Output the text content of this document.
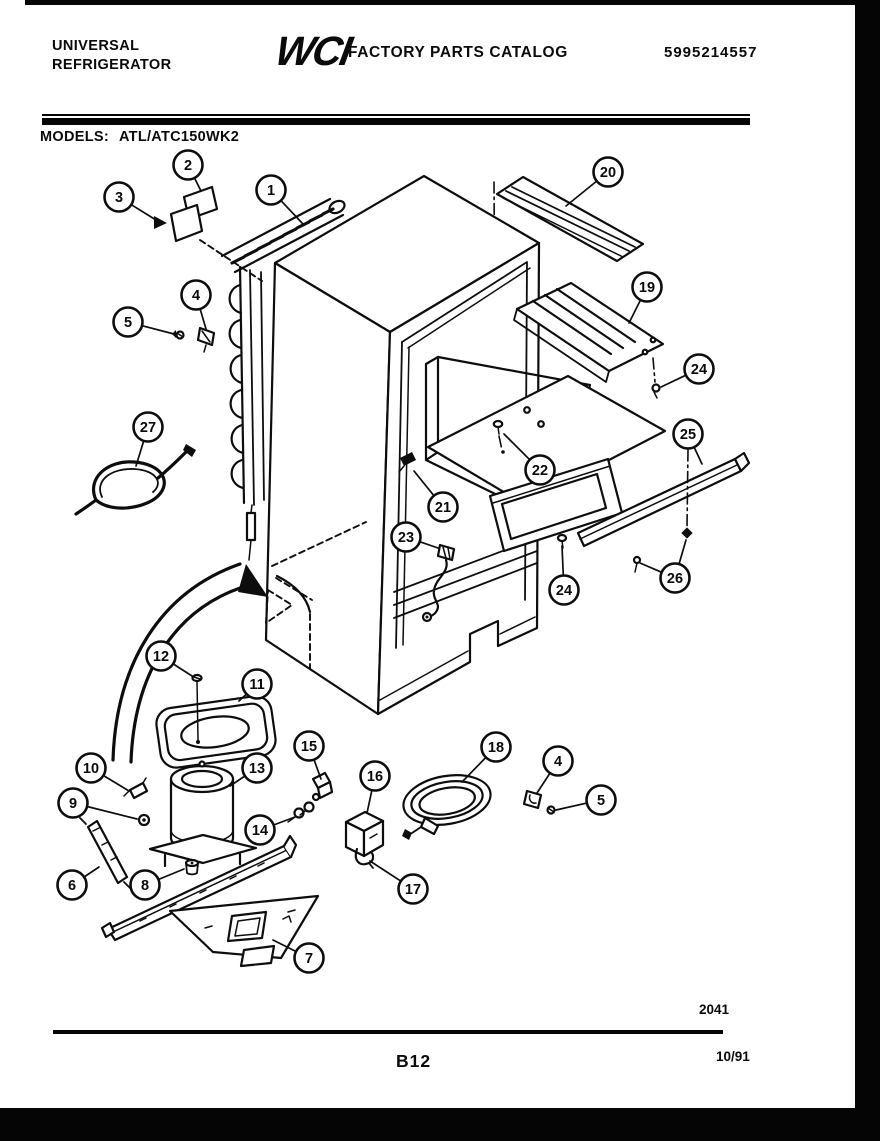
UNIVERSAL
REFRIGERATOR WCI
FACTORY PARTS CATALOG	5995214557
MODELS: ATL/ATC150WK2
1
2
3
4
5
27
20
19
24
22
21
25
23
24
26
12
11
10
9
13
15
16
14
6	8	17
7
18
4
5
2041
B12	10/91
